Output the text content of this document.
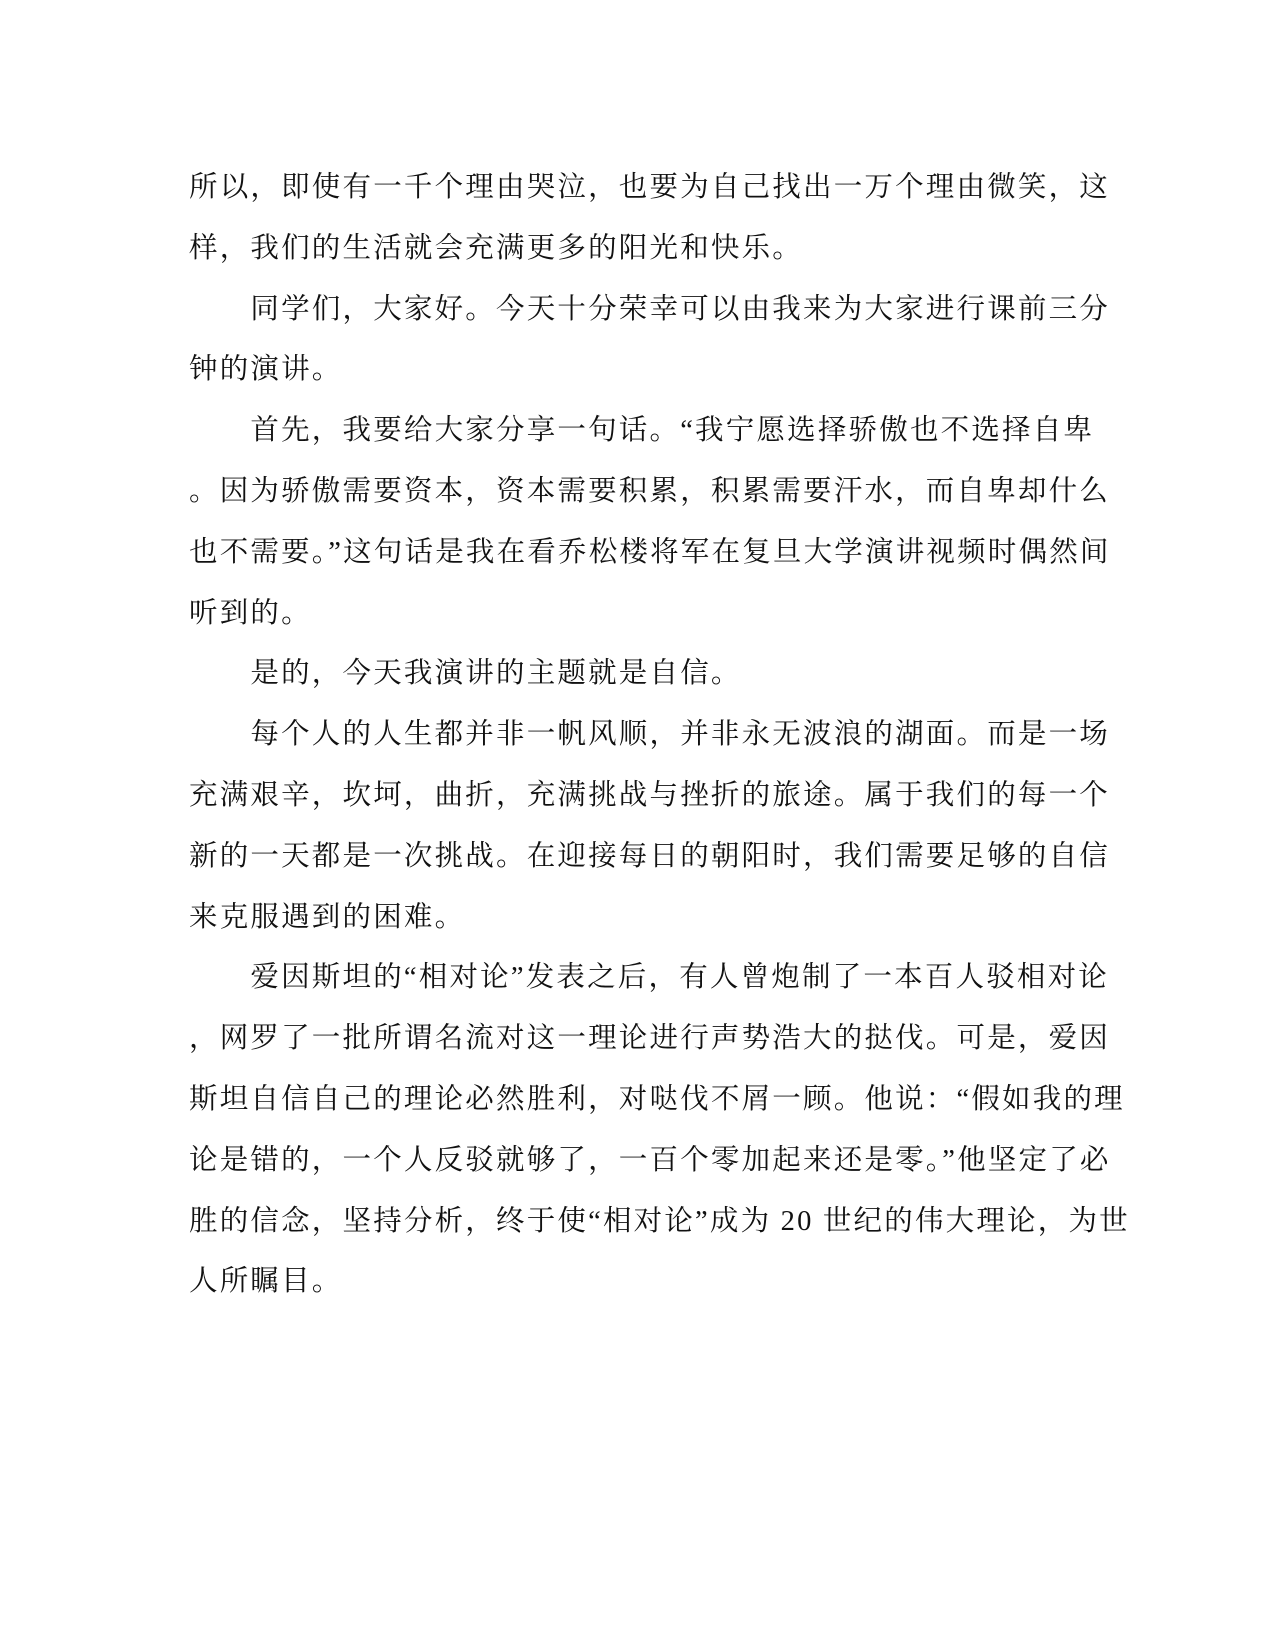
所以，即使有一千个理由哭泣，也要为自己找出一万个理由微笑，这
样，我们的生活就会充满更多的阳光和快乐。
　　同学们，大家好。今天十分荣幸可以由我来为大家进行课前三分
钟的演讲。
　　首先，我要给大家分享一句话。“我宁愿选择骄傲也不选择自卑
。因为骄傲需要资本，资本需要积累，积累需要汗水，而自卑却什么
也不需要。”这句话是我在看乔松楼将军在复旦大学演讲视频时偶然间
听到的。
　　是的，今天我演讲的主题就是自信。
　　每个人的人生都并非一帆风顺，并非永无波浪的湖面。而是一场
充满艰辛，坎坷，曲折，充满挑战与挫折的旅途。属于我们的每一个
新的一天都是一次挑战。在迎接每日的朝阳时，我们需要足够的自信
来克服遇到的困难。
　　爱因斯坦的“相对论”发表之后，有人曾炮制了一本百人驳相对论
，网罗了一批所谓名流对这一理论进行声势浩大的挞伐。可是，爱因
斯坦自信自己的理论必然胜利，对哒伐不屑一顾。他说：“假如我的理
论是错的，一个人反驳就够了，一百个零加起来还是零。”他坚定了必
胜的信念，坚持分析，终于使“相对论”成为 20 世纪的伟大理论，为世
人所瞩目。
